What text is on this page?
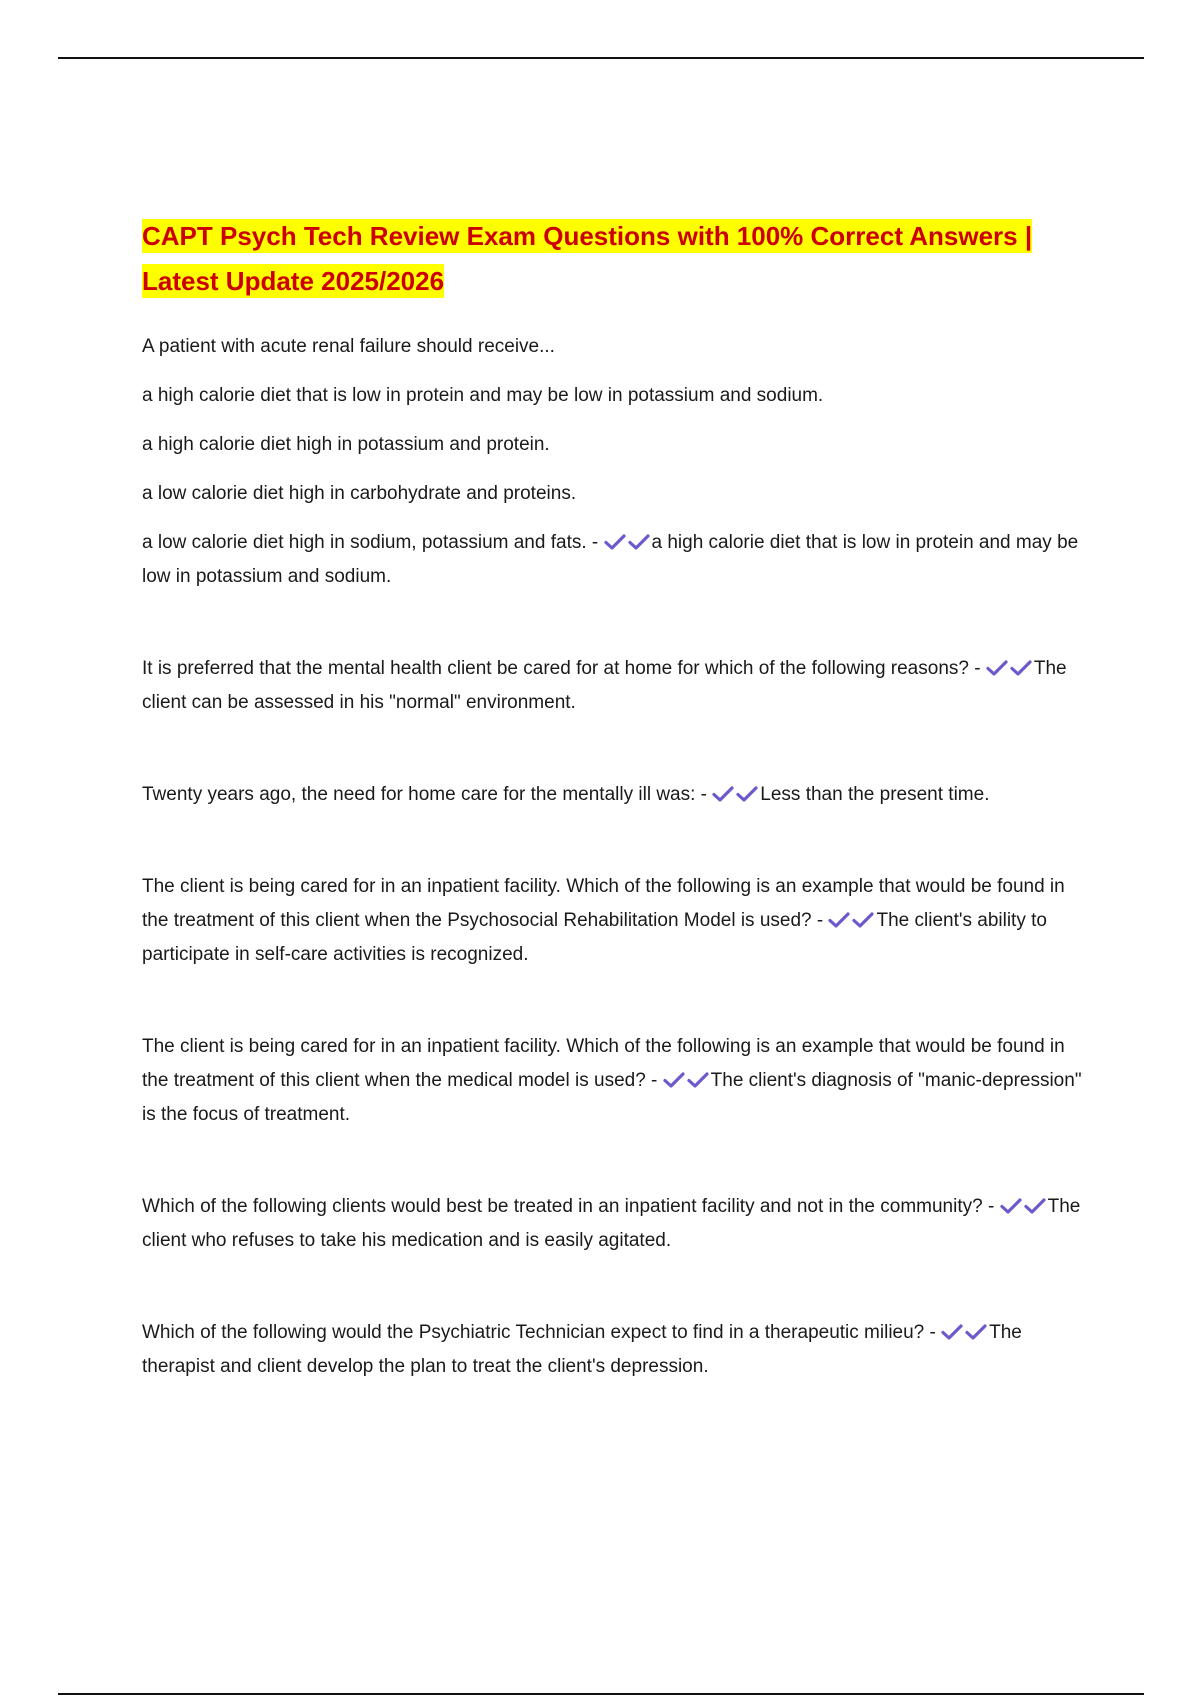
CAPT Psych Tech Review Exam Questions with 100% Correct Answers | Latest Update 2025/2026

A patient with acute renal failure should receive...

a high calorie diet that is low in protein and may be low in potassium and sodium.

a high calorie diet high in potassium and protein.

a low calorie diet high in carbohydrate and proteins.

a low calorie diet high in sodium, potassium and fats. -	a high calorie diet that is low in protein and may be low in potassium and sodium.

It is preferred that the mental health client be cared for at home for which of the following reasons? -	The client can be assessed in his "normal" environment.

Twenty years ago, the need for home care for the mentally ill was: -	Less than the present time.

The client is being cared for in an inpatient facility. Which of the following is an example that would be found in the treatment of this client when the Psychosocial Rehabilitation Model is used? -	The client's ability to participate in self-care activities is recognized.

The client is being cared for in an inpatient facility. Which of the following is an example that would be found in the treatment of this client when the medical model is used? -	The client's diagnosis of "manic-depression" is the focus of treatment.

Which of the following clients would best be treated in an inpatient facility and not in the community? -	The client who refuses to take his medication and is easily agitated.

Which of the following would the Psychiatric Technician expect to find in a therapeutic milieu? -	The therapist and client develop the plan to treat the client's depression.
